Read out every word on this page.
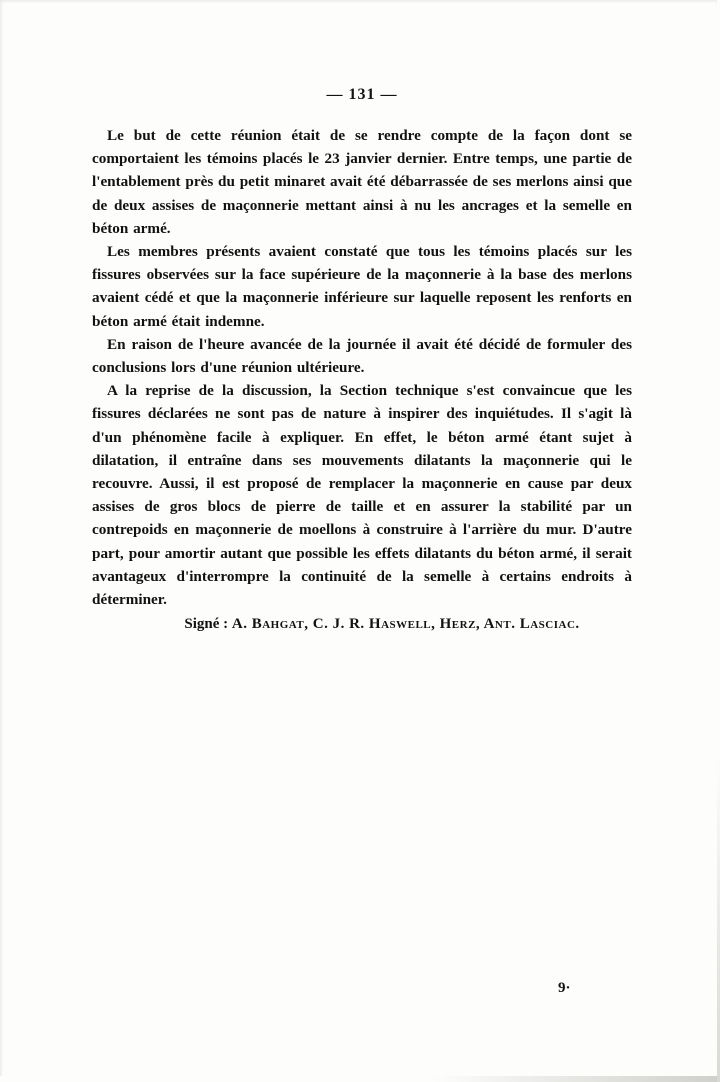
— 131 —

Le but de cette réunion était de se rendre compte de la façon dont se comportaient les témoins placés le 23 janvier dernier. Entre temps, une partie de l'entablement près du petit minaret avait été débarrassée de ses merlons ainsi que de deux assises de maçonnerie mettant ainsi à nu les ancrages et la semelle en béton armé.

Les membres présents avaient constaté que tous les témoins placés sur les fissures observées sur la face supérieure de la maçonnerie à la base des merlons avaient cédé et que la maçonnerie inférieure sur laquelle reposent les renforts en béton armé était indemne.

En raison de l'heure avancée de la journée il avait été décidé de formuler des conclusions lors d'une réunion ultérieure.

A la reprise de la discussion, la Section technique s'est convaincue que les fissures déclarées ne sont pas de nature à inspirer des inquiétudes. Il s'agit là d'un phénomène facile à expliquer. En effet, le béton armé étant sujet à dilatation, il entraîne dans ses mouvements dilatants la maçonnerie qui le recouvre. Aussi, il est proposé de remplacer la maçonnerie en cause par deux assises de gros blocs de pierre de taille et en assurer la stabilité par un contrepoids en maçonnerie de moellons à construire à l'arrière du mur. D'autre part, pour amortir autant que possible les effets dilatants du béton armé, il serait avantageux d'interrompre la continuité de la semelle à certains endroits à déterminer.

Signé : A. Bahgat, C. J. R. Haswell, Herz, Ant. Lasciac.
9·
